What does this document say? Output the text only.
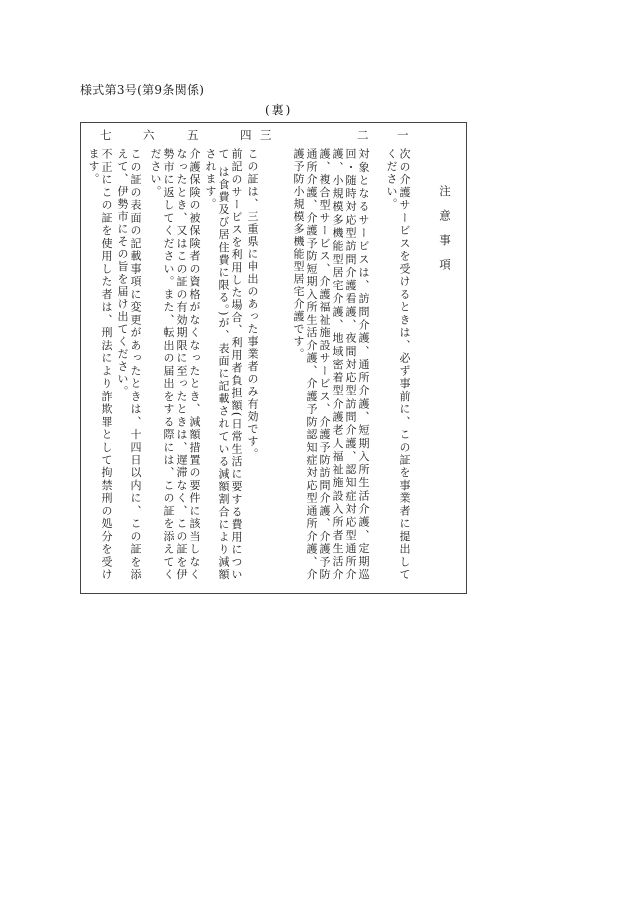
様式第3号(第9条関係)
(裏)
注意事項
一
次の介護サービスを受けるときは、必ず事前に、この証を事業者に提出してください。
二
対象となるサービスは、訪問介護、通所介護、短期入所生活介護、定期巡回・随時対応型訪問介護看護、夜間対応型訪問介護、認知症対応型通所介護、小規模多機能型居宅介護、地域密着型介護老人福祉施設入所者生活介護、複合型サービス、介護福祉施設サービス、介護予防訪問介護、介護予防通所介護、介護予防短期入所生活介護、介護予防認知症対応型通所介護、介護予防小規模多機能型居宅介護です。
三
この証は、三重県に申出のあった事業者のみ有効です。
四
前記のサービスを利用した場合、利用者負担額(日常生活に要する費用について は食費及び居住費に限る。)が、表面に記載されている減額割合により減額されます。
五
介護保険の被保険者の資格がなくなったとき、減額措置の要件に該当しなくなったとき、又はこの証の有効期限に至ったときは、遅滞なく、この証を伊勢市に返してください。また、転出の届出をする際には、この証を添えてください。
六
この証の表面の記載事項に変更があったときは、十四日以内に、この証を添えて、伊勢市にその旨を届け出てください。
七
不正にこの証を使用した者は、刑法により詐欺罪として拘禁刑の処分を受けます。
